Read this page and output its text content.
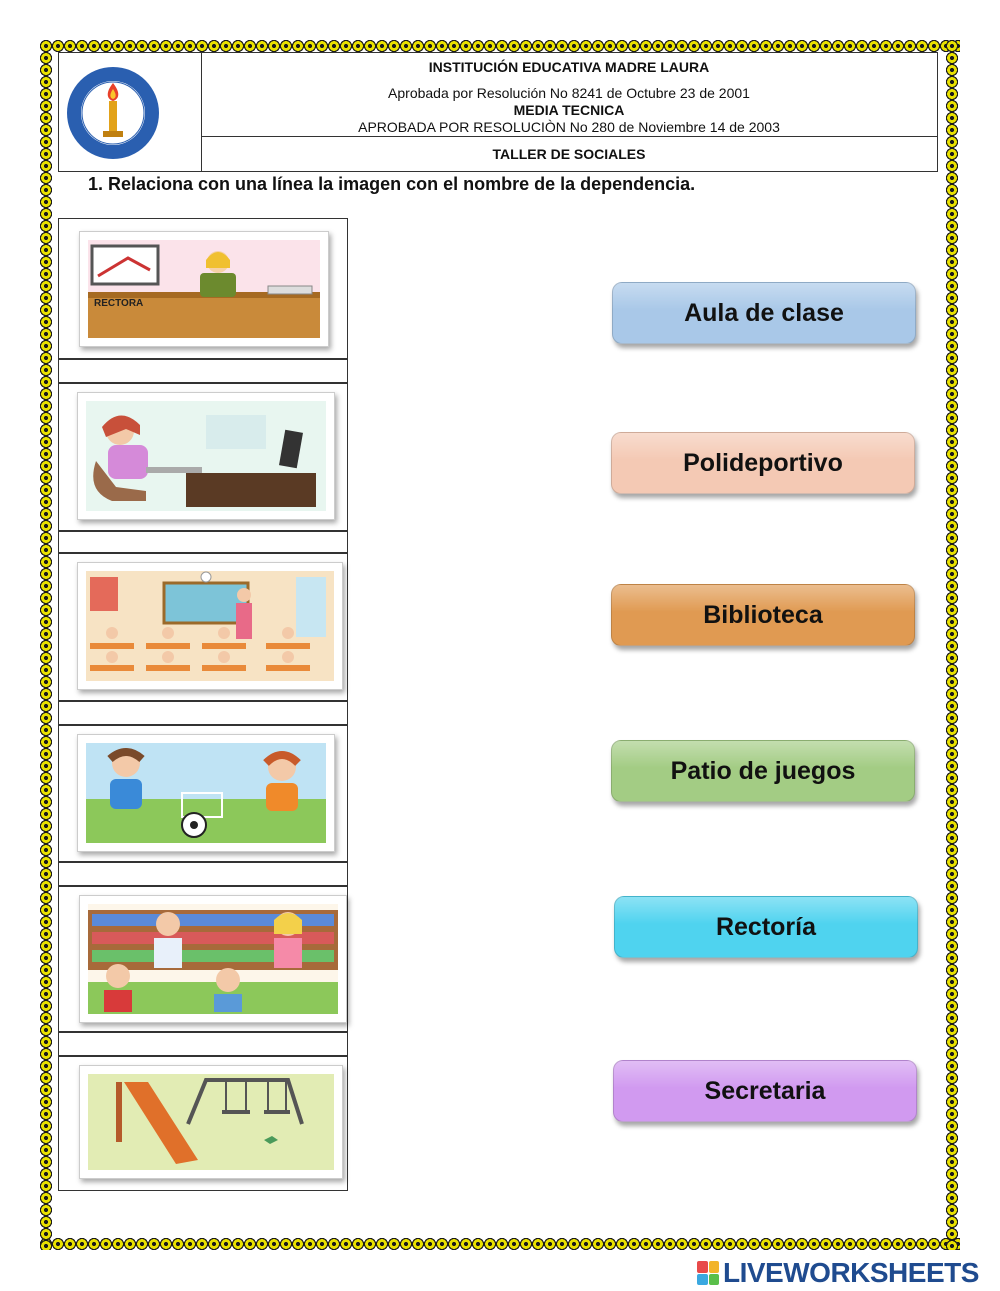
INSTITUCIÓN EDUCATIVA MADRE LAURA
Aprobada por Resolución No 8241 de Octubre 23 de 2001
MEDIA TECNICA
APROBADA POR RESOLUCIÒN No 280 de Noviembre 14 de 2003
TALLER DE SOCIALES
1. Relaciona con una línea la imagen con el nombre de la dependencia.
RECTORA	Aula de clase
Polideportivo
Biblioteca
Patio de juegos
Rectoría
Secretaria
LIVEWORKSHEETS
